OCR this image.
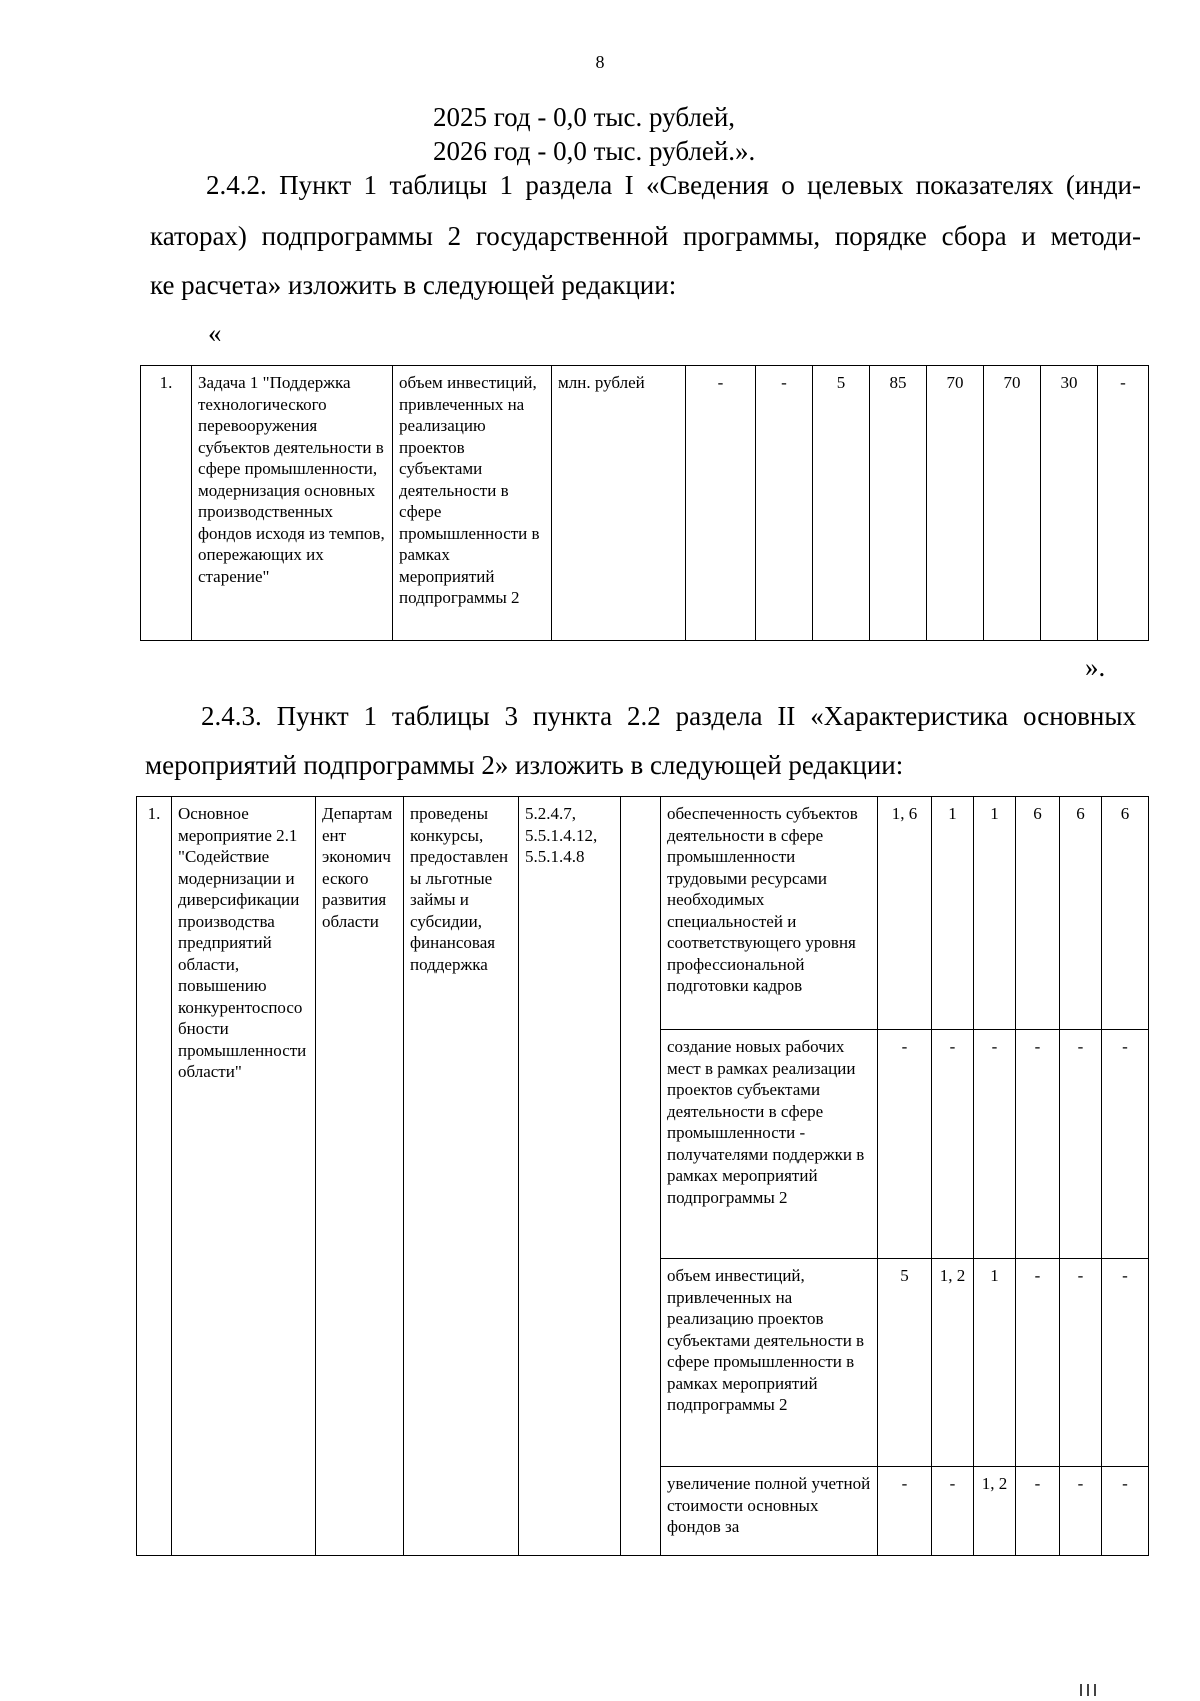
8
2025 год - 0,0 тыс. рублей,
2026 год - 0,0 тыс. рублей.».
2.4.2. Пункт 1 таблицы 1 раздела I «Сведения о целевых показателях (инди-
каторах) подпрограммы 2 государственной программы, порядке сбора и методи-
ке расчета» изложить в следующей редакции:
«
1.	Задача 1 "Поддержка технологического перевооружения субъектов деятельности в сфере промышленности, модернизация основных производственных фондов исходя из темпов, опережающих их старение"	объем инвестиций, привлеченных на реализацию проектов субъектами деятельности в сфере промышленности в рамках мероприятий подпрограммы 2	млн. рублей	-	-	5	85	70	70	30	-
».
2.4.3. Пункт 1 таблицы 3 пункта 2.2 раздела II «Характеристика основных
мероприятий подпрограммы 2» изложить в следующей редакции:
1.	Основное мероприятие 2.1 "Содействие модернизации и диверсификации производства предприятий области, повышению конкурентоспособности промышленности области"	Департамент экономического развития области	проведены конкурсы, предоставлены льготные займы и субсидии, финансовая поддержка	5.2.4.7, 5.5.1.4.12, 5.5.1.4.8		обеспеченность субъектов деятельности в сфере промышленности трудовыми ресурсами необходимых специальностей и соответствующего уровня профессиональной подготовки кадров	1, 6	1	1	6	6	6
						создание новых рабочих мест в рамках реализации проектов субъектами деятельности в сфере промышленности - получателями поддержки в рамках мероприятий подпрограммы 2	-	-	-	-	-	-
						объем инвестиций, привлеченных на реализацию проектов субъектами деятельности в сфере промышленности в рамках мероприятий подпрограммы 2	5	1, 2	1	-	-	-
						увеличение полной учетной стоимости основных фондов за	-	-	1, 2	-	-	-
